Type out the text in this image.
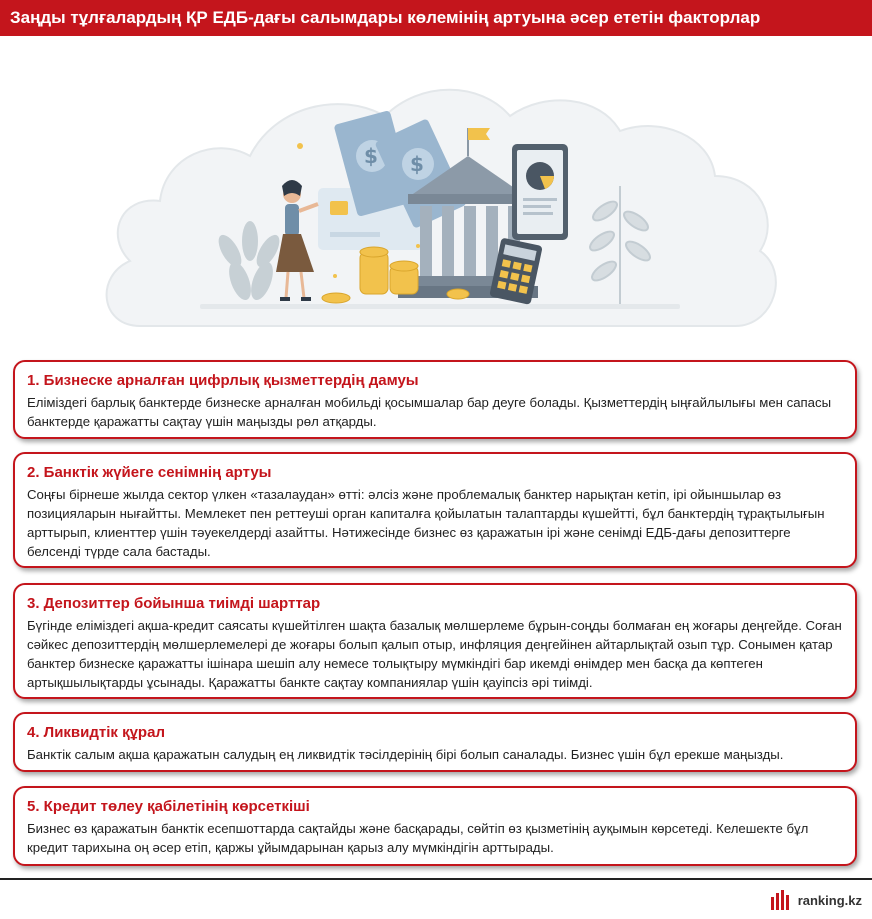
Заңды тұлғалардың ҚР ЕДБ-дағы салымдары көлемінің артуына әсер ететін факторлар
$ $
1. Бизнеске арналған цифрлық қызметтердің дамуы

Еліміздегі барлық банктерде бизнеске арналған мобильді қосымшалар бар деуге болады. Қызметтердің ыңғайлылығы мен сапасы банктерде қаражатты сақтау үшін маңызды рөл атқарды.

2. Банктік жүйеге сенімнің артуы

Соңғы бірнеше жылда сектор үлкен «тазалаудан» өтті: әлсіз және проблемалық банктер нарықтан кетіп, ірі ойыншылар өз позицияларын нығайтты. Мемлекет пен реттеуші орган капиталға қойылатын талаптарды күшейтті, бұл банктердің тұрақтылығын арттырып, клиенттер үшін тәуекелдерді азайтты. Нәтижесінде бизнес өз қаражатын ірі және сенімді ЕДБ-дағы депозиттерге белсенді түрде сала бастады.

3. Депозиттер бойынша тиімді шарттар

Бүгінде еліміздегі ақша-кредит саясаты күшейтілген шақта базалық мөлшерлеме бұрын-соңды болмаған ең жоғары деңгейде. Соған сәйкес депозиттердің мөлшерлемелері де жоғары болып қалып отыр, инфляция деңгейінен айтарлықтай озып тұр. Сонымен қатар банктер бизнеске қаражатты ішінара шешіп алу немесе толықтыру мүмкіндігі бар икемді өнімдер мен басқа да көптеген артықшылықтарды ұсынады. Қаражатты банкте сақтау компаниялар үшін қауіпсіз әрі тиімді.

4. Ликвидтік құрал

Банктік салым ақша қаражатын салудың ең ликвидтік тәсілдерінің бірі болып саналады. Бизнес үшін бұл ерекше маңызды.

5. Кредит төлеу қабілетінің көрсеткіші

Бизнес өз қаражатын банктік есепшоттарда сақтайды және басқарады, сөйтіп өз қызметінің ауқымын көрсетеді. Келешекте бұл кредит тарихына оң әсер етіп, қаржы ұйымдарынан қарыз алу мүмкіндігін арттырады.

ranking.kz
